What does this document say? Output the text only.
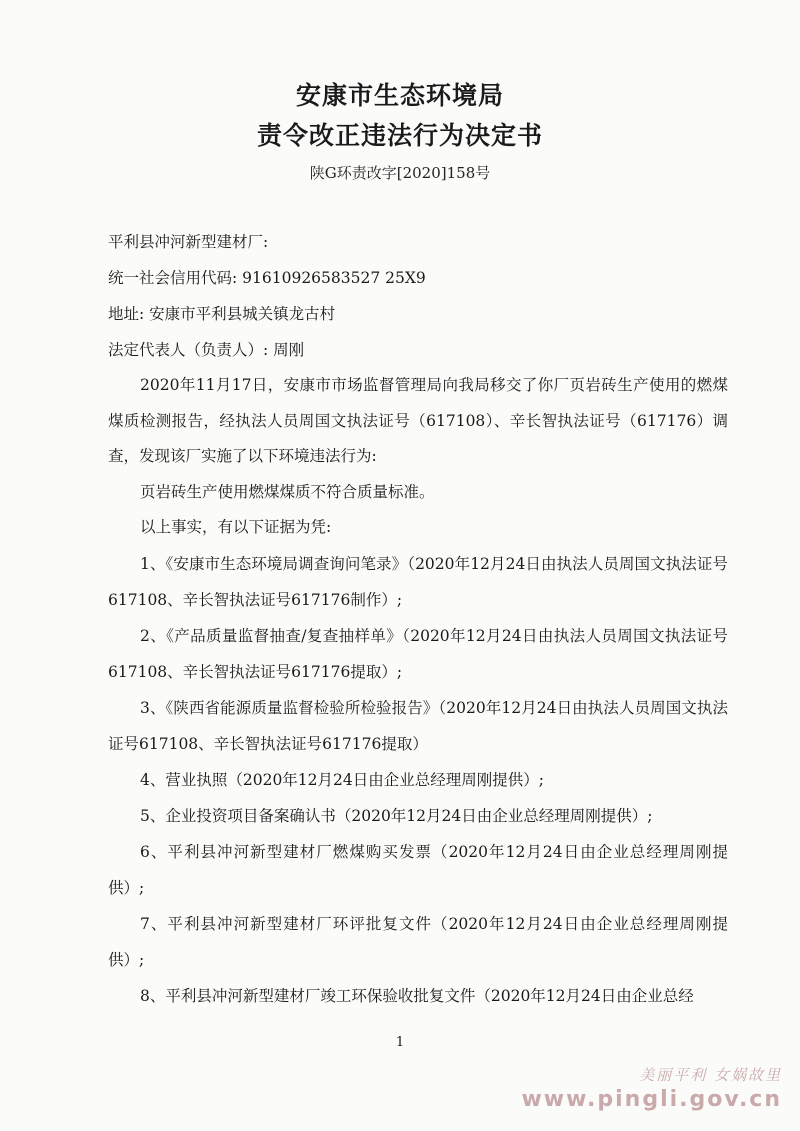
安康市生态环境局
责令改正违法行为决定书
陕G环责改字[2020]158号
平利县冲河新型建材厂:
统一社会信用代码: 91610926583527 25X9
地址: 安康市平利县城关镇龙古村
法定代表人（负责人）: 周刚

2020年11月17日，安康市市场监督管理局向我局移交了你厂页岩砖生产使用的燃煤煤质检测报告，经执法人员周国文执法证号（617108）、辛长智执法证号（617176）调查，发现该厂实施了以下环境违法行为:

页岩砖生产使用燃煤煤质不符合质量标准。

以上事实，有以下证据为凭:

1、《安康市生态环境局调查询问笔录》（2020年12月24日由执法人员周国文执法证号617108、辛长智执法证号617176制作）;

2、《产品质量监督抽查/复查抽样单》（2020年12月24日由执法人员周国文执法证号617108、辛长智执法证号617176提取）;

3、《陕西省能源质量监督检验所检验报告》（2020年12月24日由执法人员周国文执法证号617108、辛长智执法证号617176提取）

4、营业执照（2020年12月24日由企业总经理周刚提供）;

5、企业投资项目备案确认书（2020年12月24日由企业总经理周刚提供）;

6、平利县冲河新型建材厂燃煤购买发票（2020年12月24日由企业总经理周刚提供）;

7、平利县冲河新型建材厂环评批复文件（2020年12月24日由企业总经理周刚提供）;

8、平利县冲河新型建材厂竣工环保验收批复文件（2020年12月24日由企业总经

1
美丽平利 女娲故里
www.pingli.gov.cn
